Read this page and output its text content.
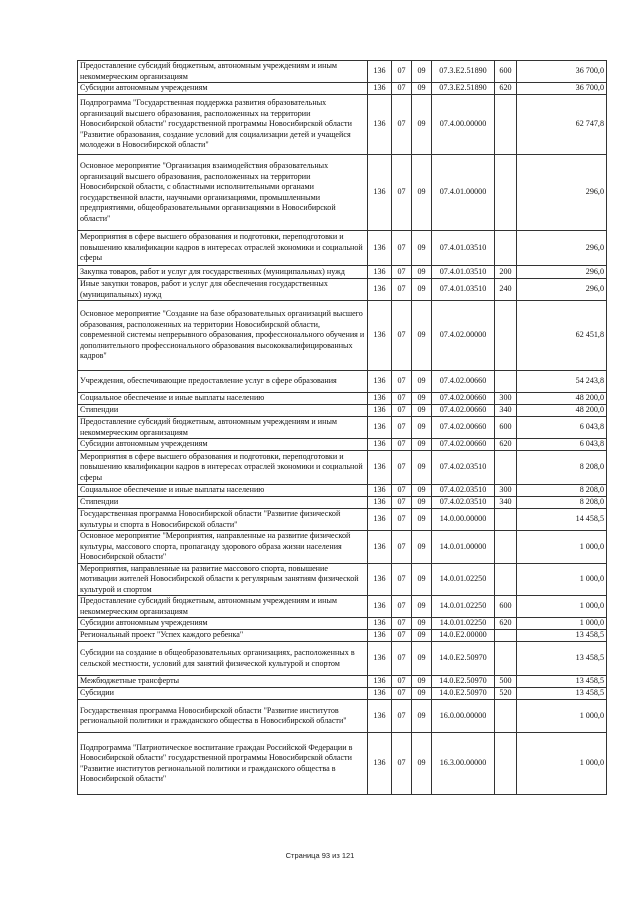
Предоставление субсидий бюджетным, автономным учреждениям и иным некоммерческим организациям	136	07	09	07.3.E2.51890	600	36 700,0
Субсидии автономным учреждениям	136	07	09	07.3.E2.51890	620	36 700,0
Подпрограмма "Государственная поддержка развития образовательных организаций высшего образования, расположенных на территории Новосибирской области" государственной программы Новосибирской области "Развитие образования, создание условий для социализации детей и учащейся молодежи в Новосибирской области"	136	07	09	07.4.00.00000		62 747,8
Основное мероприятие "Организация взаимодействия образовательных организаций высшего образования, расположенных на территории Новосибирской области, с областными исполнительными органами государственной власти, научными организациями, промышленными предприятиями, общеобразовательными организациями в Новосибирской области"	136	07	09	07.4.01.00000		296,0
Мероприятия в сфере высшего образования и подготовки, переподготовки и повышению квалификации кадров в интересах отраслей экономики и социальной сферы	136	07	09	07.4.01.03510		296,0
Закупка товаров, работ и услуг для государственных (муниципальных) нужд	136	07	09	07.4.01.03510	200	296,0
Иные закупки товаров, работ и услуг для обеспечения государственных (муниципальных) нужд	136	07	09	07.4.01.03510	240	296,0
Основное мероприятие "Создание на базе образовательных организаций высшего образования, расположенных на территории Новосибирской области, современной системы непрерывного образования, профессионального обучения и дополнительного профессионального образования высококвалифицированных кадров"	136	07	09	07.4.02.00000		62 451,8
Учреждения, обеспечивающие предоставление услуг в сфере образования	136	07	09	07.4.02.00660		54 243,8
Социальное обеспечение и иные выплаты населению	136	07	09	07.4.02.00660	300	48 200,0
Стипендии	136	07	09	07.4.02.00660	340	48 200,0
Предоставление субсидий бюджетным, автономным учреждениям и иным некоммерческим организациям	136	07	09	07.4.02.00660	600	6 043,8
Субсидии автономным учреждениям	136	07	09	07.4.02.00660	620	6 043,8
Мероприятия в сфере высшего образования и подготовки, переподготовки и повышению квалификации кадров в интересах отраслей экономики и социальной сферы	136	07	09	07.4.02.03510		8 208,0
Социальное обеспечение и иные выплаты населению	136	07	09	07.4.02.03510	300	8 208,0
Стипендии	136	07	09	07.4.02.03510	340	8 208,0
Государственная программа Новосибирской области "Развитие физической культуры и спорта в Новосибирской области"	136	07	09	14.0.00.00000		14 458,5
Основное мероприятие "Мероприятия, направленные на развитие физической культуры, массового спорта, пропаганду здорового образа жизни населения Новосибирской области"	136	07	09	14.0.01.00000		1 000,0
Мероприятия, направленные на развитие массового спорта, повышение мотивации жителей Новосибирской области к регулярным занятиям физической культурой и спортом	136	07	09	14.0.01.02250		1 000,0
Предоставление субсидий бюджетным, автономным учреждениям и иным некоммерческим организациям	136	07	09	14.0.01.02250	600	1 000,0
Субсидии автономным учреждениям	136	07	09	14.0.01.02250	620	1 000,0
Региональный проект "Успех каждого ребенка"	136	07	09	14.0.E2.00000		13 458,5
Субсидии на создание в общеобразовательных организациях, расположенных в сельской местности, условий для занятий физической культурой и спортом	136	07	09	14.0.E2.50970		13 458,5
Межбюджетные трансферты	136	07	09	14.0.E2.50970	500	13 458,5
Субсидии	136	07	09	14.0.E2.50970	520	13 458,5
Государственная программа Новосибирской области "Развитие институтов региональной политики и гражданского общества в Новосибирской области"	136	07	09	16.0.00.00000		1 000,0
Подпрограмма "Патриотическое воспитание граждан Российской Федерации в Новосибирской области" государственной программы Новосибирской области "Развитие институтов региональной политики и гражданского общества в Новосибирской области"	136	07	09	16.3.00.00000		1 000,0
Страница 93 из 121
